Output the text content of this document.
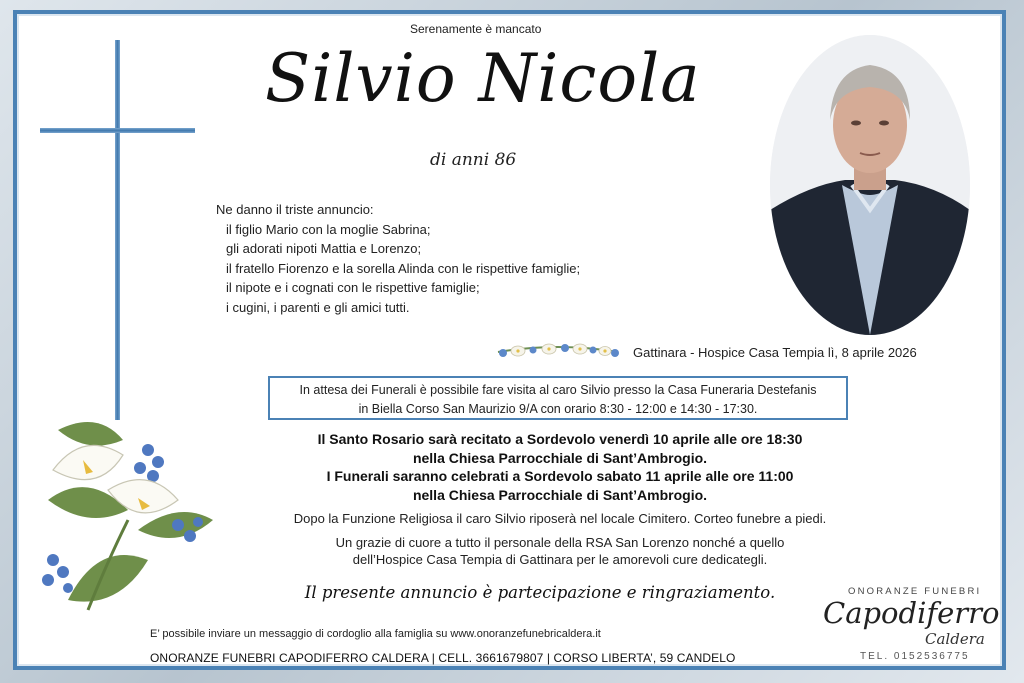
Serenamente è mancato
Silvio Nicola
di anni 86
Ne danno il triste annuncio:
il figlio Mario con la moglie Sabrina;
gli adorati nipoti Mattia e Lorenzo;
il fratello Fiorenzo e la sorella Alinda con le rispettive famiglie;
il nipote e i cognati con le rispettive famiglie;
i cugini, i parenti e gli amici tutti.
Gattinara - Hospice Casa Tempia lì, 8 aprile 2026
In attesa dei Funerali è possibile fare visita al caro Silvio presso la Casa Funeraria Destefanis
in Biella Corso San Maurizio 9/A con orario 8:30 - 12:00 e 14:30 - 17:30.
Il Santo Rosario sarà recitato a Sordevolo venerdì 10 aprile alle ore 18:30
nella Chiesa Parrocchiale di Sant’Ambrogio.
I Funerali saranno celebrati a Sordevolo sabato 11 aprile alle ore 11:00
nella Chiesa Parrocchiale di Sant’Ambrogio.
Dopo la Funzione Religiosa il caro Silvio riposerà nel locale Cimitero. Corteo funebre a piedi.
Un grazie di cuore a tutto il personale della RSA San Lorenzo nonché a quello
dell’Hospice Casa Tempia di Gattinara per le amorevoli cure dedicategli.
Il presente annuncio è partecipazione e ringraziamento.
E’ possibile inviare un messaggio di cordoglio alla famiglia su www.onoranzefunebricaldera.it
ONORANZE FUNEBRI CAPODIFERRO CALDERA | CELL. 3661679807 | CORSO LIBERTA’, 59 CANDELO
ONORANZE FUNEBRI
Capodiferro
Caldera
TEL. 0152536775
